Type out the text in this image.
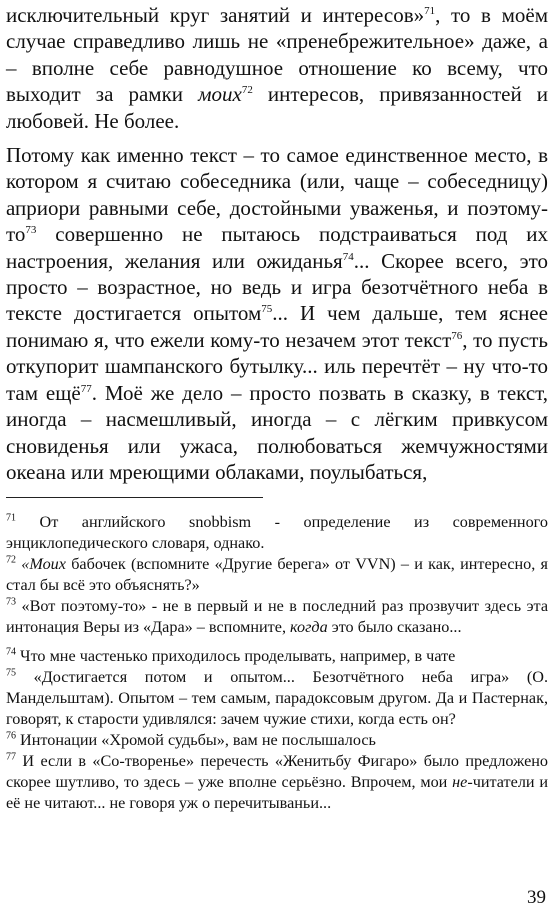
исключительный круг занятий и интересов»$^{71}$, то в моём случае справедливо лишь не «пренебрежительное» даже, а – вполне себе равнодушное отношение ко всему, что выходит за рамки моих$^{72}$ интересов, привязанностей и любовей. Не более.

Потому как именно текст – то самое единственное место, в котором я считаю собеседника (или, чаще – собеседницу) априори равными себе, достойными уваженья, и поэтому-то$^{73}$ совершенно не пытаюсь подстраиваться под их настроения, желания или ожиданья$^{74}$... Скорее всего, это просто – возрастное, но ведь и игра безотчётного неба в тексте достигается опытом$^{75}$... И чем дальше, тем яснее понимаю я, что ежели кому-то незачем этот текст$^{76}$, то пусть откупорит шампанского бутылку... иль перечтёт – ну что-то там ещё$^{77}$. Моё же дело – просто позвать в сказку, в текст, иногда – насмешливый, иногда – с лёгким привкусом сновиденья или ужаса, полюбоваться жемчужностями океана или мреющими облаками, поулыбаться,

$^{71}$ От английского snobbism - определение из современного энциклопедического словаря, однако.

$^{72}$ «Моих бабочек (вспомните «Другие берега» от VVN) – и как, интересно, я стал бы всё это объяснять?»

$^{73}$ «Вот поэтому-то» - не в первый и не в последний раз прозвучит здесь эта интонация Веры из «Дара» – вспомните, когда это было сказано...

$^{74}$ Что мне частенько приходилось проделывать, например, в чате

$^{75}$ «Достигается потом и опытом... Безотчётного неба игра» (О. Мандельштам). Опытом – тем самым, парадоксовым другом. Да и Пастернак, говорят, к старости удивлялся: зачем чужие стихи, когда есть он?

$^{76}$ Интонации «Хромой судьбы», вам не послышалось

$^{77}$ И если в «Со-творенье» перечесть «Женитьбу Фигаро» было предложено скорее шутливо, то здесь – уже вполне серьёзно. Впрочем, мои не-читатели и её не читают... не говоря уж о перечитываньи...

39
